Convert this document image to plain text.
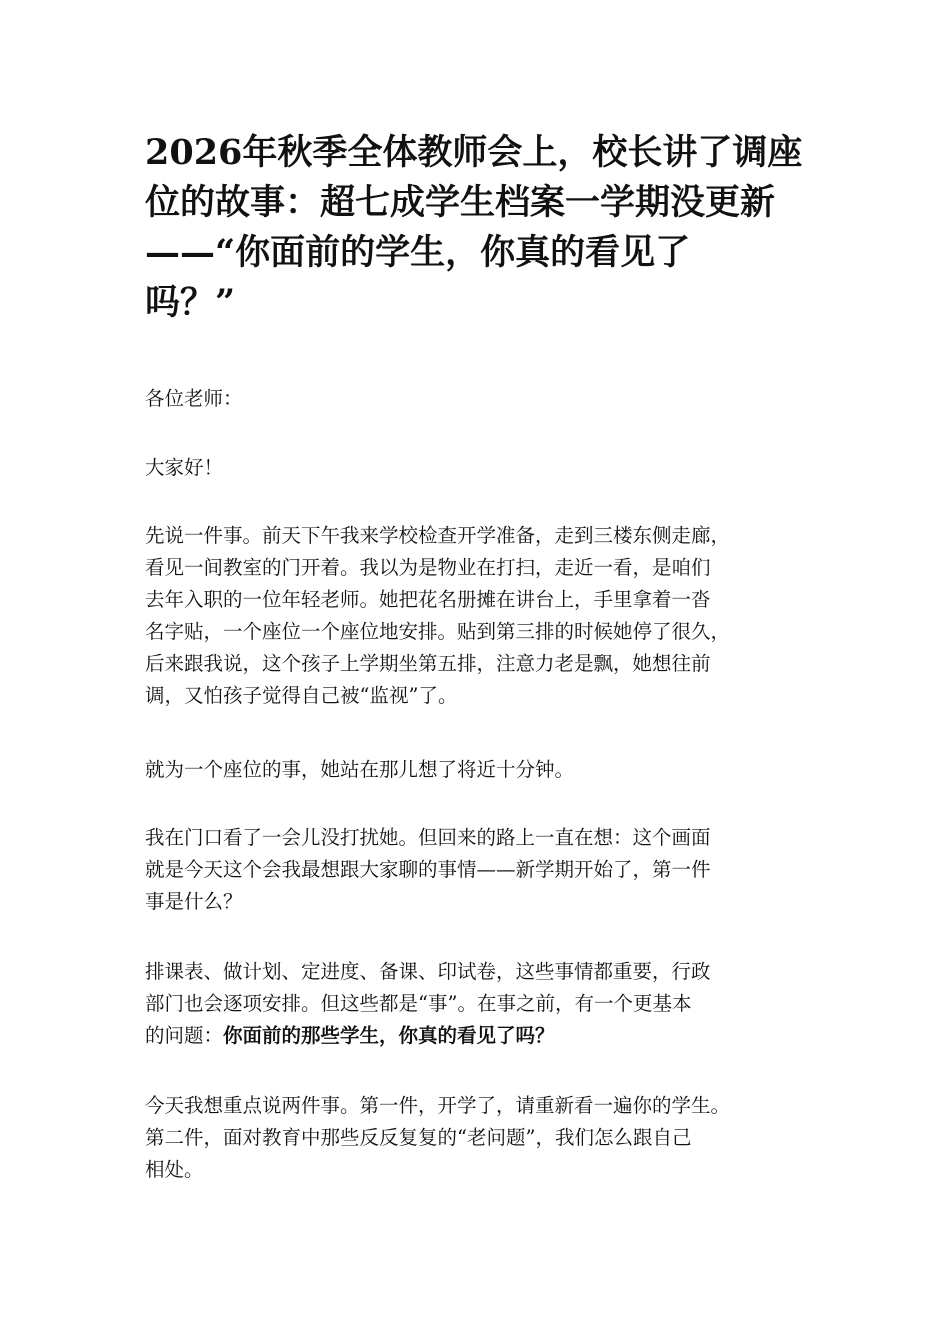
2026年秋季全体教师会上，校长讲了调座
位的故事：超七成学生档案一学期没更新
——“你面前的学生，你真的看见了
吗？”

各位老师：

大家好！

先说一件事。前天下午我来学校检查开学准备，走到三楼东侧走廊，
看见一间教室的门开着。我以为是物业在打扫，走近一看，是咱们
去年入职的一位年轻老师。她把花名册摊在讲台上，手里拿着一沓
名字贴，一个座位一个座位地安排。贴到第三排的时候她停了很久，
后来跟我说，这个孩子上学期坐第五排，注意力老是飘，她想往前
调，又怕孩子觉得自己被“监视”了。

就为一个座位的事，她站在那儿想了将近十分钟。

我在门口看了一会儿没打扰她。但回来的路上一直在想：这个画面
就是今天这个会我最想跟大家聊的事情——新学期开始了，第一件
事是什么？

排课表、做计划、定进度、备课、印试卷，这些事情都重要，行政
部门也会逐项安排。但这些都是“事”。在事之前，有一个更基本
的问题：你面前的那些学生，你真的看见了吗？

今天我想重点说两件事。第一件，开学了，请重新看一遍你的学生。
第二件，面对教育中那些反反复复的“老问题”，我们怎么跟自己
相处。
